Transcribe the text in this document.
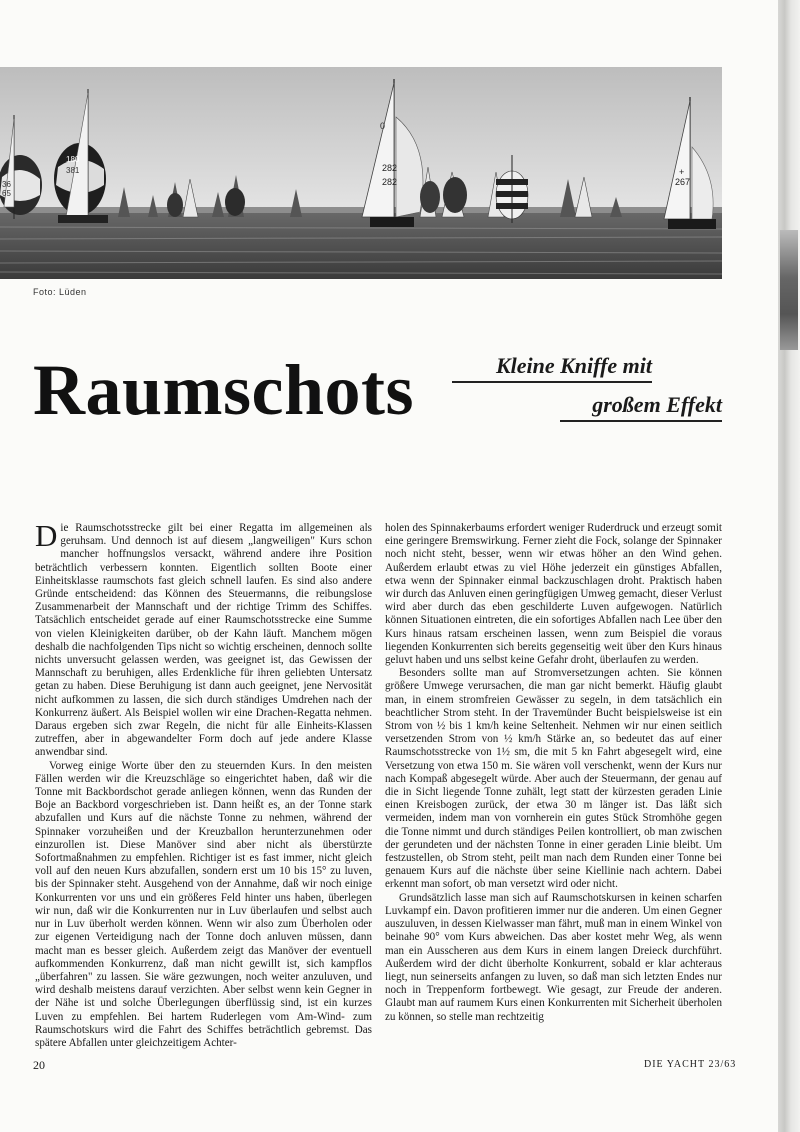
36
65
180
381	282
282
0
267
+
Foto: Lüden
Raumschots	Kleine Kniffe mit
großem Effekt

Die Raumschotsstrecke gilt bei einer Regatta im allgemeinen als geruhsam. Und dennoch ist auf diesem „langweiligen" Kurs schon mancher hoffnungslos versackt, während andere ihre Position beträchtlich verbessern konnten. Eigentlich sollten Boote einer Einheitsklasse raumschots fast gleich schnell laufen. Es sind also andere Gründe entscheidend: das Können des Steuermanns, die reibungslose Zusammenarbeit der Mannschaft und der richtige Trimm des Schiffes. Tatsächlich entscheidet gerade auf einer Raumschotsstrecke eine Summe von vielen Kleinigkeiten darüber, ob der Kahn läuft. Manchem mögen deshalb die nachfolgenden Tips nicht so wichtig erscheinen, dennoch sollte nichts unversucht gelassen werden, was geeignet ist, das Gewissen der Mannschaft zu beruhigen, alles Erdenkliche für ihren geliebten Untersatz getan zu haben. Diese Beruhigung ist dann auch geeignet, jene Nervosität nicht aufkommen zu lassen, die sich durch ständiges Umdrehen nach der Konkurrenz äußert. Als Beispiel wollen wir eine Drachen-Regatta nehmen. Daraus ergeben sich zwar Regeln, die nicht für alle Einheits-Klassen zutreffen, aber in abgewandelter Form doch auf jede andere Klasse anwendbar sind.

Vorweg einige Worte über den zu steuernden Kurs. In den meisten Fällen werden wir die Kreuzschläge so eingerichtet haben, daß wir die Tonne mit Backbordschot gerade anliegen können, wenn das Runden der Boje an Backbord vorgeschrieben ist. Dann heißt es, an der Tonne stark abzufallen und Kurs auf die nächste Tonne zu nehmen, während der Spinnaker vorzuheißen und der Kreuzballon herunterzunehmen oder einzurollen ist. Diese Manöver sind aber nicht als überstürzte Sofortmaßnahmen zu empfehlen. Richtiger ist es fast immer, nicht gleich voll auf den neuen Kurs abzufallen, sondern erst um 10 bis 15° zu luven, bis der Spinnaker steht. Ausgehend von der Annahme, daß wir noch einige Konkurrenten vor uns und ein größeres Feld hinter uns haben, überlegen wir nun, daß wir die Konkurrenten nur in Luv überlaufen und selbst auch nur in Luv überholt werden können. Wenn wir also zum Überholen oder zur eigenen Verteidigung nach der Tonne doch anluven müssen, dann macht man es besser gleich. Außerdem zeigt das Manöver der eventuell aufkommenden Konkurrenz, daß man nicht gewillt ist, sich kampflos „überfahren" zu lassen. Sie wäre gezwungen, noch weiter anzuluven, und wird deshalb meistens darauf verzichten. Aber selbst wenn kein Gegner in der Nähe ist und solche Überlegungen überflüssig sind, ist ein kurzes Luven zu empfehlen. Bei hartem Ruderlegen vom Am-Wind- zum Raumschotskurs wird die Fahrt des Schiffes beträchtlich gebremst. Das spätere Abfallen unter gleichzeitigem Achter-

holen des Spinnakerbaums erfordert weniger Ruderdruck und erzeugt somit eine geringere Bremswirkung. Ferner zieht die Fock, solange der Spinnaker noch nicht steht, besser, wenn wir etwas höher an den Wind gehen. Außerdem erlaubt etwas zu viel Höhe jederzeit ein günstiges Abfallen, etwa wenn der Spinnaker einmal backzuschlagen droht. Praktisch haben wir durch das Anluven einen geringfügigen Umweg gemacht, dieser Verlust wird aber durch das eben geschilderte Luven aufgewogen. Natürlich können Situationen eintreten, die ein sofortiges Abfallen nach Lee über den Kurs hinaus ratsam erscheinen lassen, wenn zum Beispiel die voraus liegenden Konkurrenten sich bereits gegenseitig weit über den Kurs hinaus geluvt haben und uns selbst keine Gefahr droht, überlaufen zu werden.

Besonders sollte man auf Stromversetzungen achten. Sie können größere Umwege verursachen, die man gar nicht bemerkt. Häufig glaubt man, in einem stromfreien Gewässer zu segeln, in dem tatsächlich ein beachtlicher Strom steht. In der Travemünder Bucht beispielsweise ist ein Strom von ½ bis 1 km/h keine Seltenheit. Nehmen wir nur einen seitlich versetzenden Strom von ½ km/h Stärke an, so bedeutet das auf einer Raumschotsstrecke von 1½ sm, die mit 5 kn Fahrt abgesegelt wird, eine Versetzung von etwa 150 m. Sie wären voll verschenkt, wenn der Kurs nur nach Kompaß abgesegelt würde. Aber auch der Steuermann, der genau auf die in Sicht liegende Tonne zuhält, legt statt der kürzesten geraden Linie einen Kreisbogen zurück, der etwa 30 m länger ist. Das läßt sich vermeiden, indem man von vornherein ein gutes Stück Stromhöhe gegen die Tonne nimmt und durch ständiges Peilen kontrolliert, ob man zwischen der gerundeten und der nächsten Tonne in einer geraden Linie bleibt. Um festzustellen, ob Strom steht, peilt man nach dem Runden einer Tonne bei genauem Kurs auf die nächste über seine Kiellinie nach achtern. Dabei erkennt man sofort, ob man versetzt wird oder nicht.

Grundsätzlich lasse man sich auf Raumschotskursen in keinen scharfen Luvkampf ein. Davon profitieren immer nur die anderen. Um einen Gegner auszuluven, in dessen Kielwasser man fährt, muß man in einem Winkel von beinahe 90° vom Kurs abweichen. Das aber kostet mehr Weg, als wenn man ein Ausscheren aus dem Kurs in einem langen Dreieck durchführt. Außerdem wird der dicht überholte Konkurrent, sobald er klar achteraus liegt, nun seinerseits anfangen zu luven, so daß man sich letzten Endes nur noch in Treppenform fortbewegt. Wie gesagt, zur Freude der anderen. Glaubt man auf raumem Kurs einen Konkurrenten mit Sicherheit überholen zu können, so stelle man rechtzeitig

20	DIE YACHT 23/63
